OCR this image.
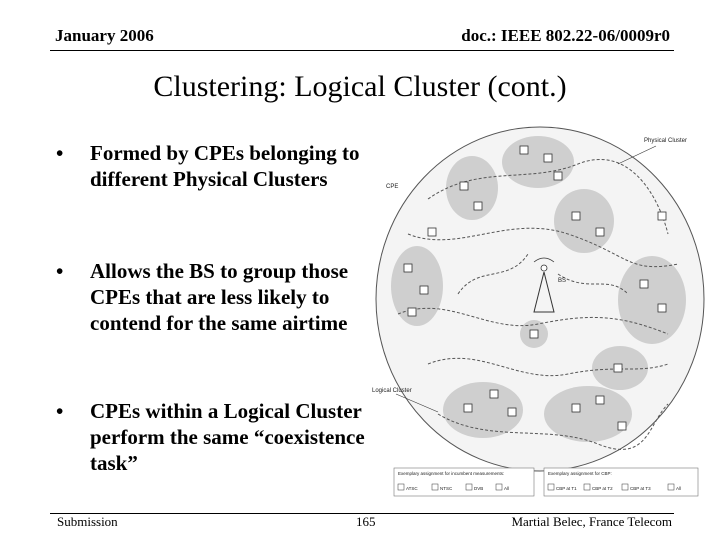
January 2006	doc.: IEEE 802.22-06/0009r0
Clustering: Logical Cluster (cont.)
• Formed by CPEs belonging to different Physical Clusters
• Allows the BS to group those CPEs that are less likely to contend for the same airtime
• CPEs within a Logical Cluster perform the same “coexistence task”
Physical Cluster
CPE
BS
Logical Cluster
Exemplary assignment for incumbent measurements:
ATSC	NTSC	DVB	All
Exemplary assignment for CBP:
CBP at T1	CBP at T2	CBP at T3	All
Submission	165	Martial Belec, France Telecom
